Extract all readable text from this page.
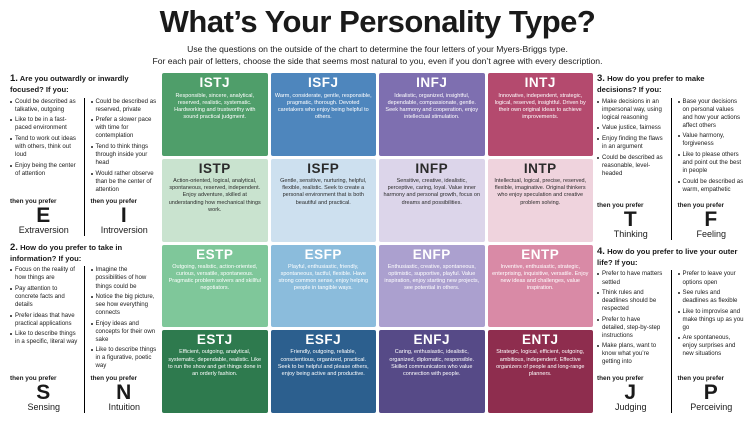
What’s Your Personality Type?
Use the questions on the outside of the chart to determine the four letters of your Myers-Briggs type.
For each pair of letters, choose the side that seems most natural to you, even if you don’t agree with every description.
1. Are you outwardly or inwardly focused? If you:
Could be described as talkative, outgoing
Like to be in a fast-paced environment
Tend to work out ideas with others, think out loud
Enjoy being the center of attention
then you prefer
E
Extraversion
Could be described as reserved, private
Prefer a slower pace with time for contemplation
Tend to think things through inside your head
Would rather observe than be the center of attention
then you prefer
I
Introversion
2. How do you prefer to take in information? If you:
Focus on the reality of how things are
Pay attention to concrete facts and details
Prefer ideas that have practical applications
Like to describe things in a specific, literal way
then you prefer
S
Sensing
Imagine the possibilities of how things could be
Notice the big picture, see how everything connects
Enjoy ideas and concepts for their own sake
Like to describe things in a figurative, poetic way
then you prefer
N
Intuition
ISTJ
Responsible, sincere, analytical, reserved, realistic, systematic. Hardworking and trustworthy with sound practical judgment.
ISFJ
Warm, considerate, gentle, responsible, pragmatic, thorough. Devoted caretakers who enjoy being helpful to others.
INFJ
Idealistic, organized, insightful, dependable, compassionate, gentle. Seek harmony and cooperation, enjoy intellectual stimulation.
INTJ
Innovative, independent, strategic, logical, reserved, insightful. Driven by their own original ideas to achieve improvements.
ISTP
Action-oriented, logical, analytical, spontaneous, reserved, independent. Enjoy adventure, skilled at understanding how mechanical things work.
ISFP
Gentle, sensitive, nurturing, helpful, flexible, realistic. Seek to create a personal environment that is both beautiful and practical.
INFP
Sensitive, creative, idealistic, perceptive, caring, loyal. Value inner harmony and personal growth, focus on dreams and possibilities.
INTP
Intellectual, logical, precise, reserved, flexible, imaginative. Original thinkers who enjoy speculation and creative problem solving.
ESTP
Outgoing, realistic, action-oriented, curious, versatile, spontaneous. Pragmatic problem solvers and skillful negotiators.
ESFP
Playful, enthusiastic, friendly, spontaneous, tactful, flexible. Have strong common sense, enjoy helping people in tangible ways.
ENFP
Enthusiastic, creative, spontaneous, optimistic, supportive, playful. Value inspiration, enjoy starting new projects, see potential in others.
ENTP
Inventive, enthusiastic, strategic, enterprising, inquisitive, versatile. Enjoy new ideas and challenges, value inspiration.
ESTJ
Efficient, outgoing, analytical, systematic, dependable, realistic. Like to run the show and get things done in an orderly fashion.
ESFJ
Friendly, outgoing, reliable, conscientious, organized, practical. Seek to be helpful and please others, enjoy being active and productive.
ENFJ
Caring, enthusiastic, idealistic, organized, diplomatic, responsible. Skilled communicators who value connection with people.
ENTJ
Strategic, logical, efficient, outgoing, ambitious, independent. Effective organizers of people and long-range planners.
3. How do you prefer to make decisions? If you:
Make decisions in an impersonal way, using logical reasoning
Value justice, fairness
Enjoy finding the flaws in an argument
Could be described as reasonable, level-headed
then you prefer
T
Thinking
Base your decisions on personal values and how your actions affect others
Value harmony, forgiveness
Like to please others and point out the best in people
Could be described as warm, empathetic
then you prefer
F
Feeling
4. How do you prefer to live your outer life? If you:
Prefer to have matters settled
Think rules and deadlines should be respected
Prefer to have detailed, step-by-step instructions
Make plans, want to know what you’re getting into
then you prefer
J
Judging
Prefer to leave your options open
See rules and deadlines as flexible
Like to improvise and make things up as you go
Are spontaneous, enjoy surprises and new situations
then you prefer
P
Perceiving
